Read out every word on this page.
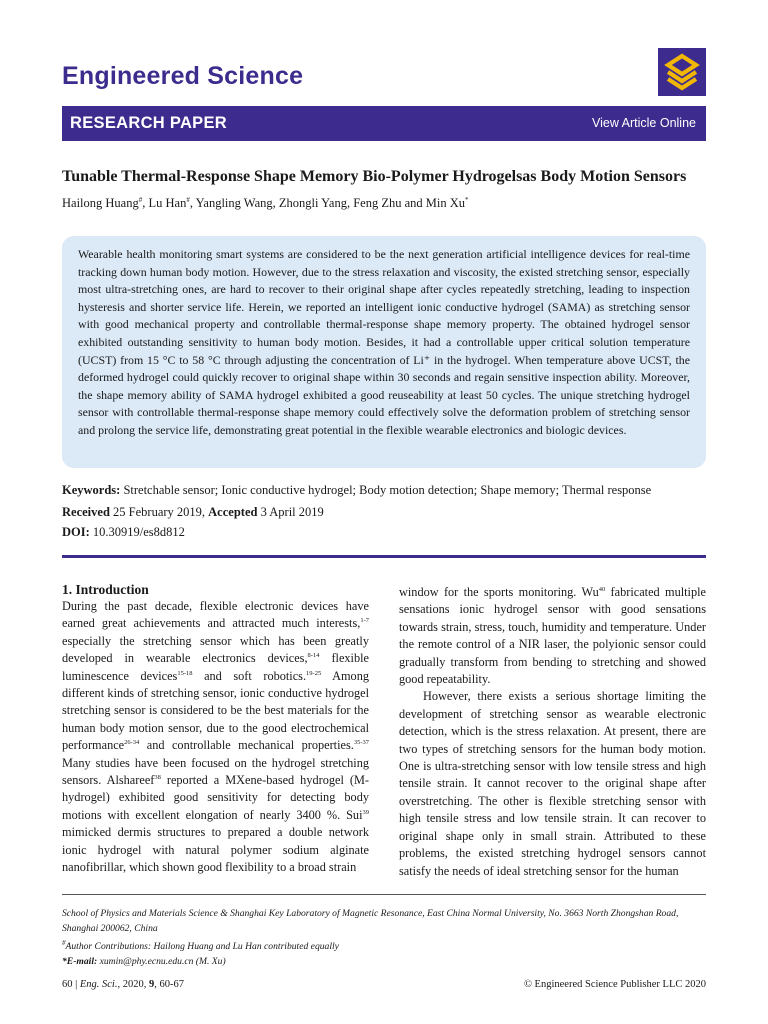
Engineered Science
RESEARCH PAPER	View Article Online
Tunable Thermal-Response Shape Memory Bio-Polymer Hydrogelsas Body Motion Sensors
Hailong Huang#, Lu Han#, Yangling Wang, Zhongli Yang, Feng Zhu and Min Xu*
Wearable health monitoring smart systems are considered to be the next generation artificial intelligence devices for real-time tracking down human body motion. However, due to the stress relaxation and viscosity, the existed stretching sensor, especially most ultra-stretching ones, are hard to recover to their original shape after cycles repeatedly stretching, leading to inspection hysteresis and shorter service life. Herein, we reported an intelligent ionic conductive hydrogel (SAMA) as stretching sensor with good mechanical property and controllable thermal-response shape memory property. The obtained hydrogel sensor exhibited outstanding sensitivity to human body motion. Besides, it had a controllable upper critical solution temperature (UCST) from 15 °C to 58 °C through adjusting the concentration of Li⁺ in the hydrogel. When temperature above UCST, the deformed hydrogel could quickly recover to original shape within 30 seconds and regain sensitive inspection ability. Moreover, the shape memory ability of SAMA hydrogel exhibited a good reuseability at least 50 cycles. The unique stretching hydrogel sensor with controllable thermal-response shape memory could effectively solve the deformation problem of stretching sensor and prolong the service life, demonstrating great potential in the flexible wearable electronics and biologic devices.
Keywords: Stretchable sensor; Ionic conductive hydrogel; Body motion detection; Shape memory; Thermal response
Received 25 February 2019, Accepted 3 April 2019
DOI: 10.30919/es8d812
1. Introduction

During the past decade, flexible electronic devices have earned great achievements and attracted much interests,$^{1-7}$ especially the stretching sensor which has been greatly developed in wearable electronics devices,$^{8-14}$ flexible luminescence devices$^{15-18}$ and soft robotics.$^{19-25}$ Among different kinds of stretching sensor, ionic conductive hydrogel stretching sensor is considered to be the best materials for the human body motion sensor, due to the good electrochemical performance$^{26-34}$ and controllable mechanical properties.$^{35-37}$ Many studies have been focused on the hydrogel stretching sensors. Alshareef$^{38}$ reported a MXene-based hydrogel (M-hydrogel) exhibited good sensitivity for detecting body motions with excellent elongation of nearly 3400 %. Sui$^{39}$ mimicked dermis structures to prepared a double network ionic hydrogel with natural polymer sodium alginate nanofibrillar, which shown good flexibility to a broad strain

window for the sports monitoring. Wu$^{40}$ fabricated multiple sensations ionic hydrogel sensor with good sensations towards strain, stress, touch, humidity and temperature. Under the remote control of a NIR laser, the polyionic sensor could gradually transform from bending to stretching and showed good repeatability.

However, there exists a serious shortage limiting the development of stretching sensor as wearable electronic detection, which is the stress relaxation. At present, there are two types of stretching sensors for the human body motion. One is ultra-stretching sensor with low tensile stress and high tensile strain. It cannot recover to the original shape after overstretching. The other is flexible stretching sensor with high tensile stress and low tensile strain. It can recover to original shape only in small strain. Attributed to these problems, the existed stretching hydrogel sensors cannot satisfy the needs of ideal stretching sensor for the human

School of Physics and Materials Science & Shanghai Key Laboratory of Magnetic Resonance, East China Normal University, No. 3663 North Zhongshan Road, Shanghai 200062, China
#Author Contributions: Hailong Huang and Lu Han contributed equally
*E-mail: xumin@phy.ecnu.edu.cn (M. Xu)
60 | Eng. Sci., 2020, 9, 60-67	© Engineered Science Publisher LLC 2020
